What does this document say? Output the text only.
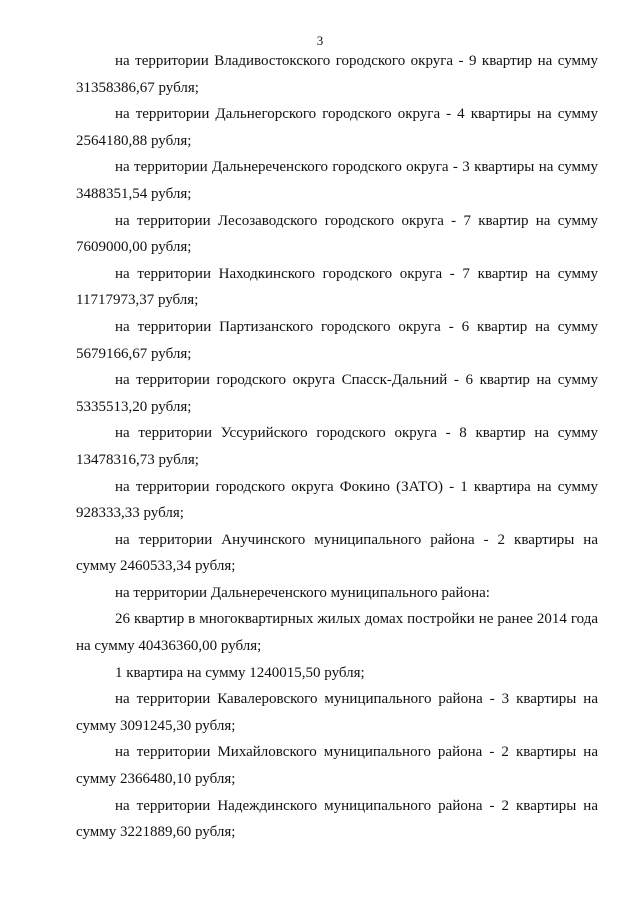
3

на территории Владивостокского городского округа - 9 квартир на сумму 31358386,67 рубля;

на территории Дальнегорского городского округа - 4 квартиры на сумму 2564180,88 рубля;

на территории Дальнереченского городского округа - 3 квартиры на сумму 3488351,54 рубля;

на территории Лесозаводского городского округа - 7 квартир на сумму 7609000,00 рубля;

на территории Находкинского городского округа - 7 квартир на сумму 11717973,37 рубля;

на территории Партизанского городского округа - 6 квартир на сумму 5679166,67 рубля;

на территории городского округа Спасск-Дальний - 6 квартир на сумму 5335513,20 рубля;

на территории Уссурийского городского округа - 8 квартир на сумму 13478316,73 рубля;

на территории городского округа Фокино (ЗАТО) - 1 квартира на сумму 928333,33 рубля;

на территории Анучинского муниципального района - 2 квартиры на сумму 2460533,34 рубля;

на территории Дальнереченского муниципального района:

26 квартир в многоквартирных жилых домах постройки не ранее 2014 года на сумму 40436360,00 рубля;

1 квартира на сумму 1240015,50 рубля;

на территории Кавалеровского муниципального района - 3 квартиры на сумму 3091245,30 рубля;

на территории Михайловского муниципального района - 2 квартиры на сумму 2366480,10 рубля;

на территории Надеждинского муниципального района - 2 квартиры на сумму 3221889,60 рубля;
